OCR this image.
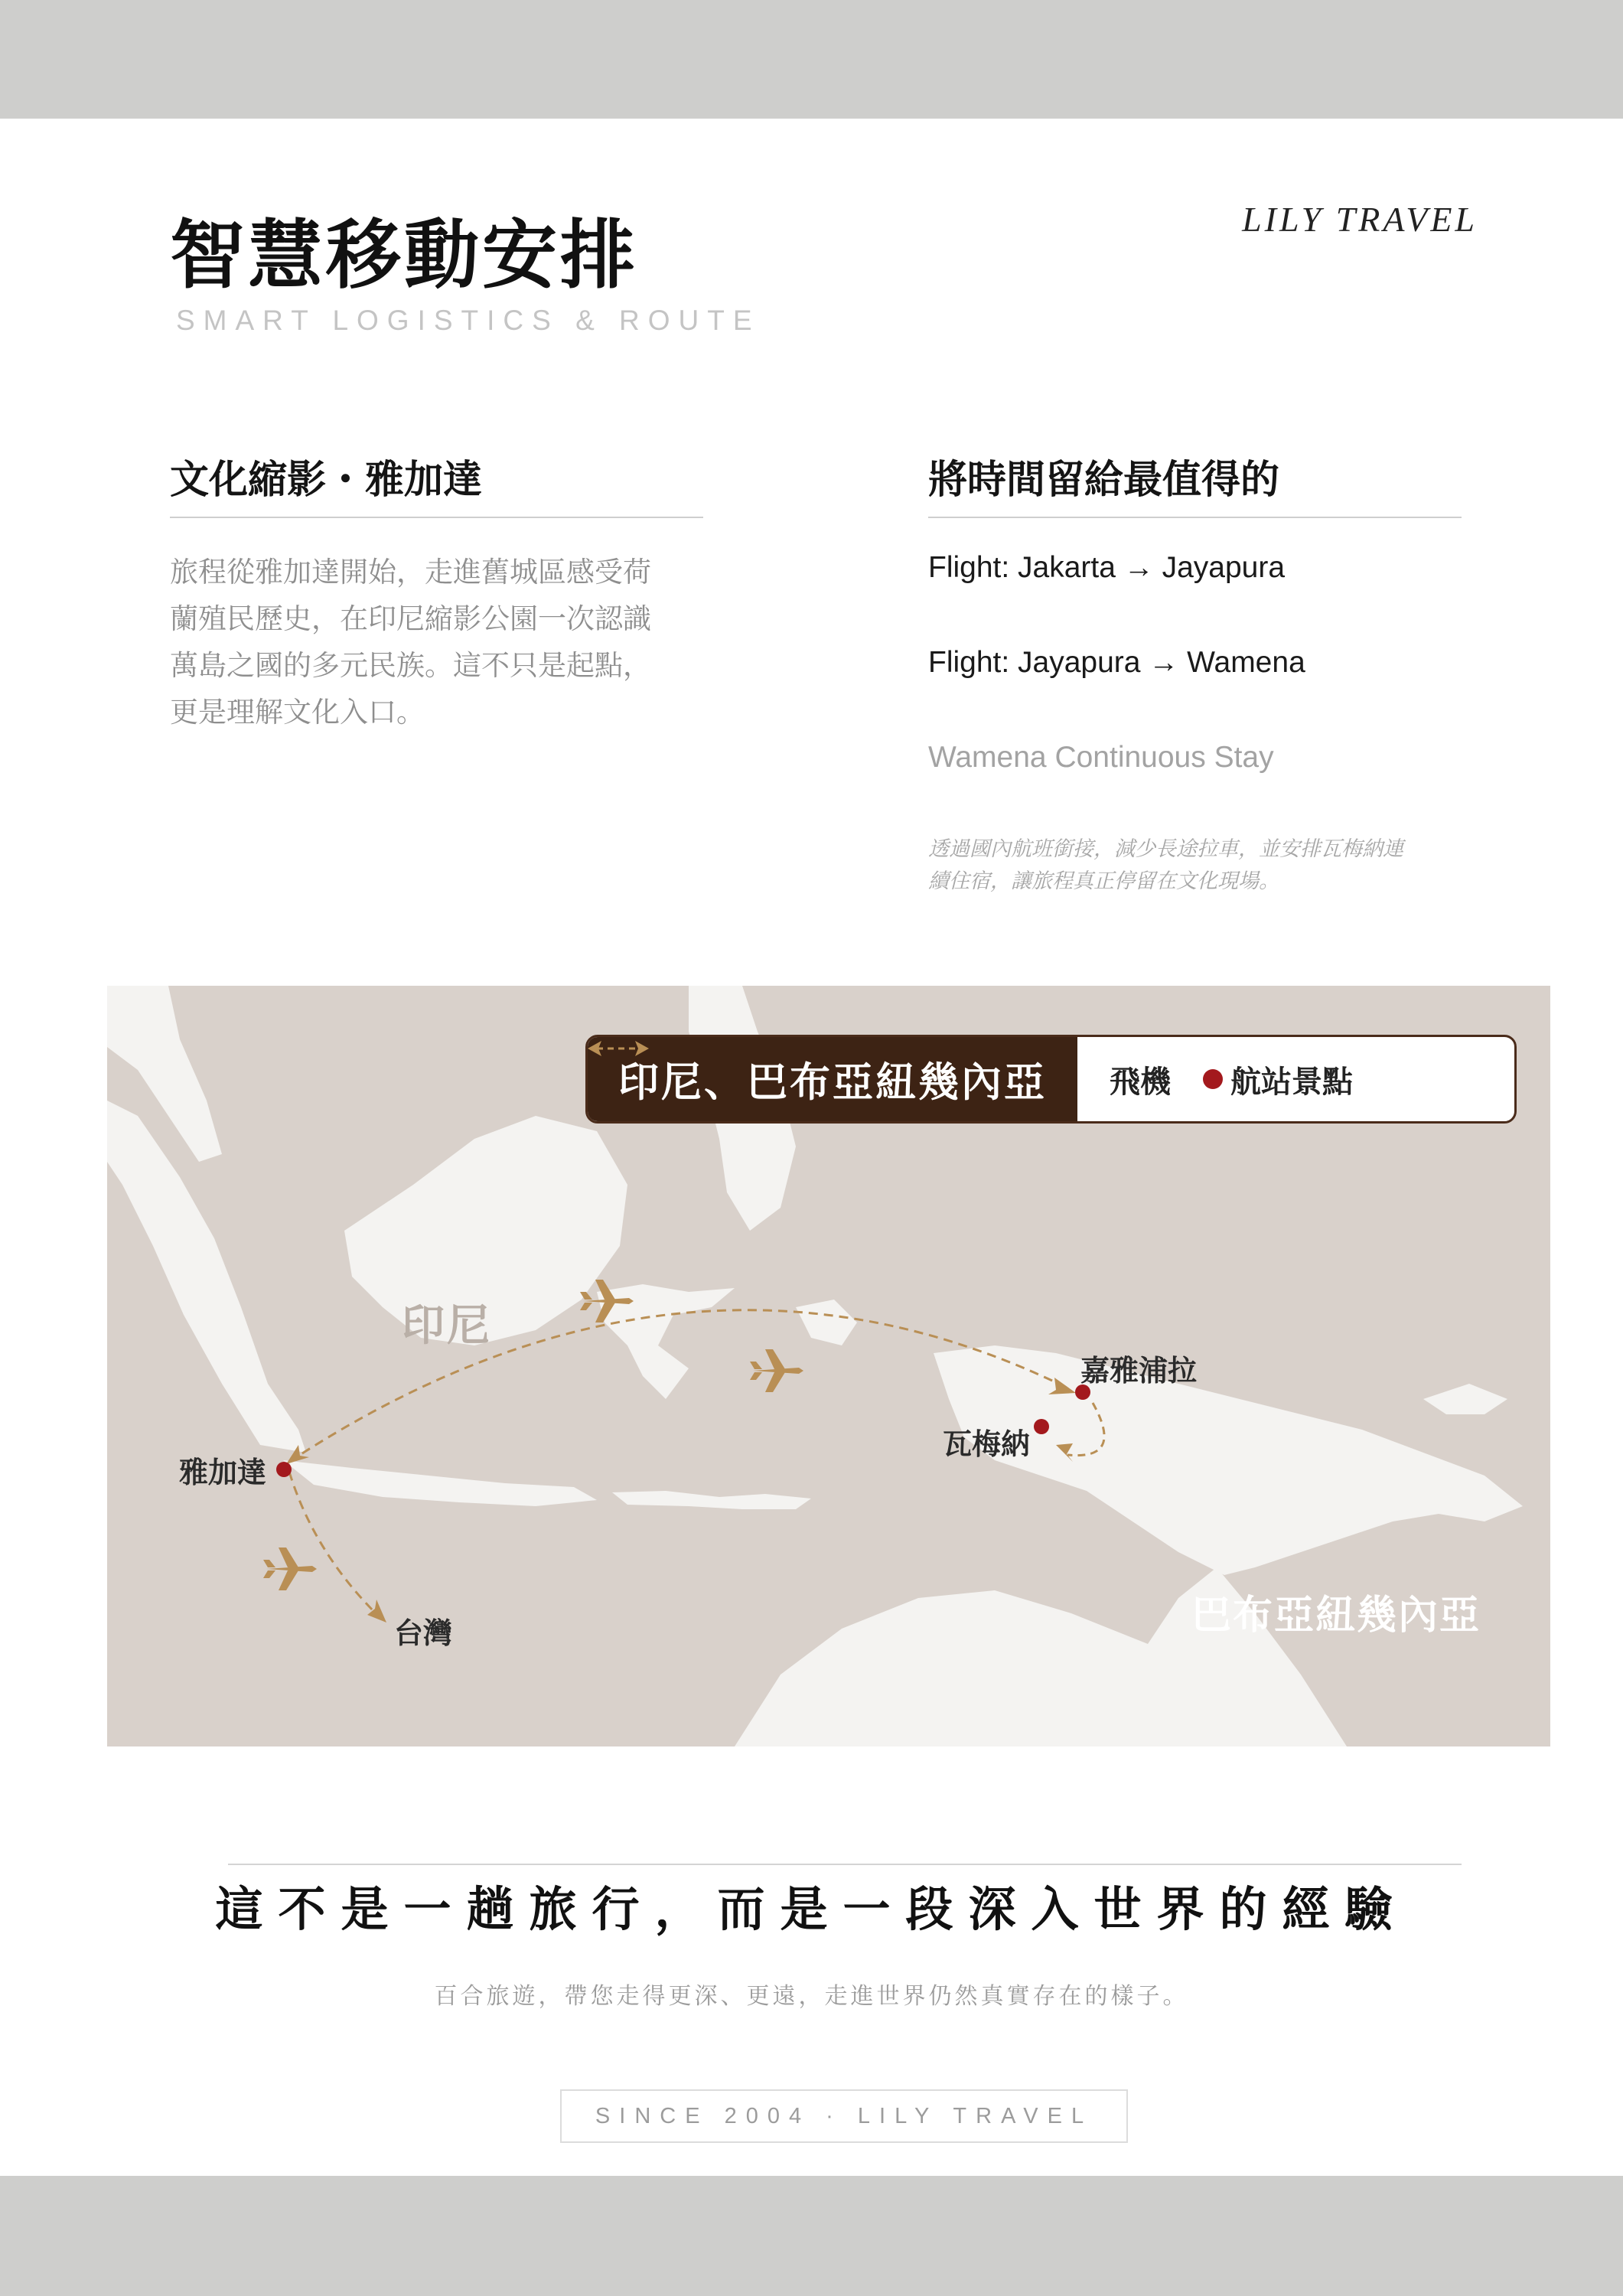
智慧移動安排
SMART LOGISTICS & ROUTE
LILY TRAVEL
文化縮影・雅加達

旅程從雅加達開始，走進舊城區感受荷蘭殖民歷史，在印尼縮影公園一次認識萬島之國的多元民族。這不只是起點，更是理解文化入口。

將時間留給最值得的
Flight: Jakarta → Jayapura
Flight: Jayapura → Wamena
Wamena Continuous Stay
透過國內航班銜接，減少長途拉車，並安排瓦梅納連續住宿，讓旅程真正停留在文化現場。
印尼、巴布亞紐幾內亞	飛機 航站景點
印尼
巴布亞紐幾內亞
雅加達
嘉雅浦拉
瓦梅納
台灣
這不是一趟旅行，而是一段深入世界的經驗
百合旅遊，帶您走得更深、更遠，走進世界仍然真實存在的樣子。
SINCE 2004 · LILY TRAVEL
